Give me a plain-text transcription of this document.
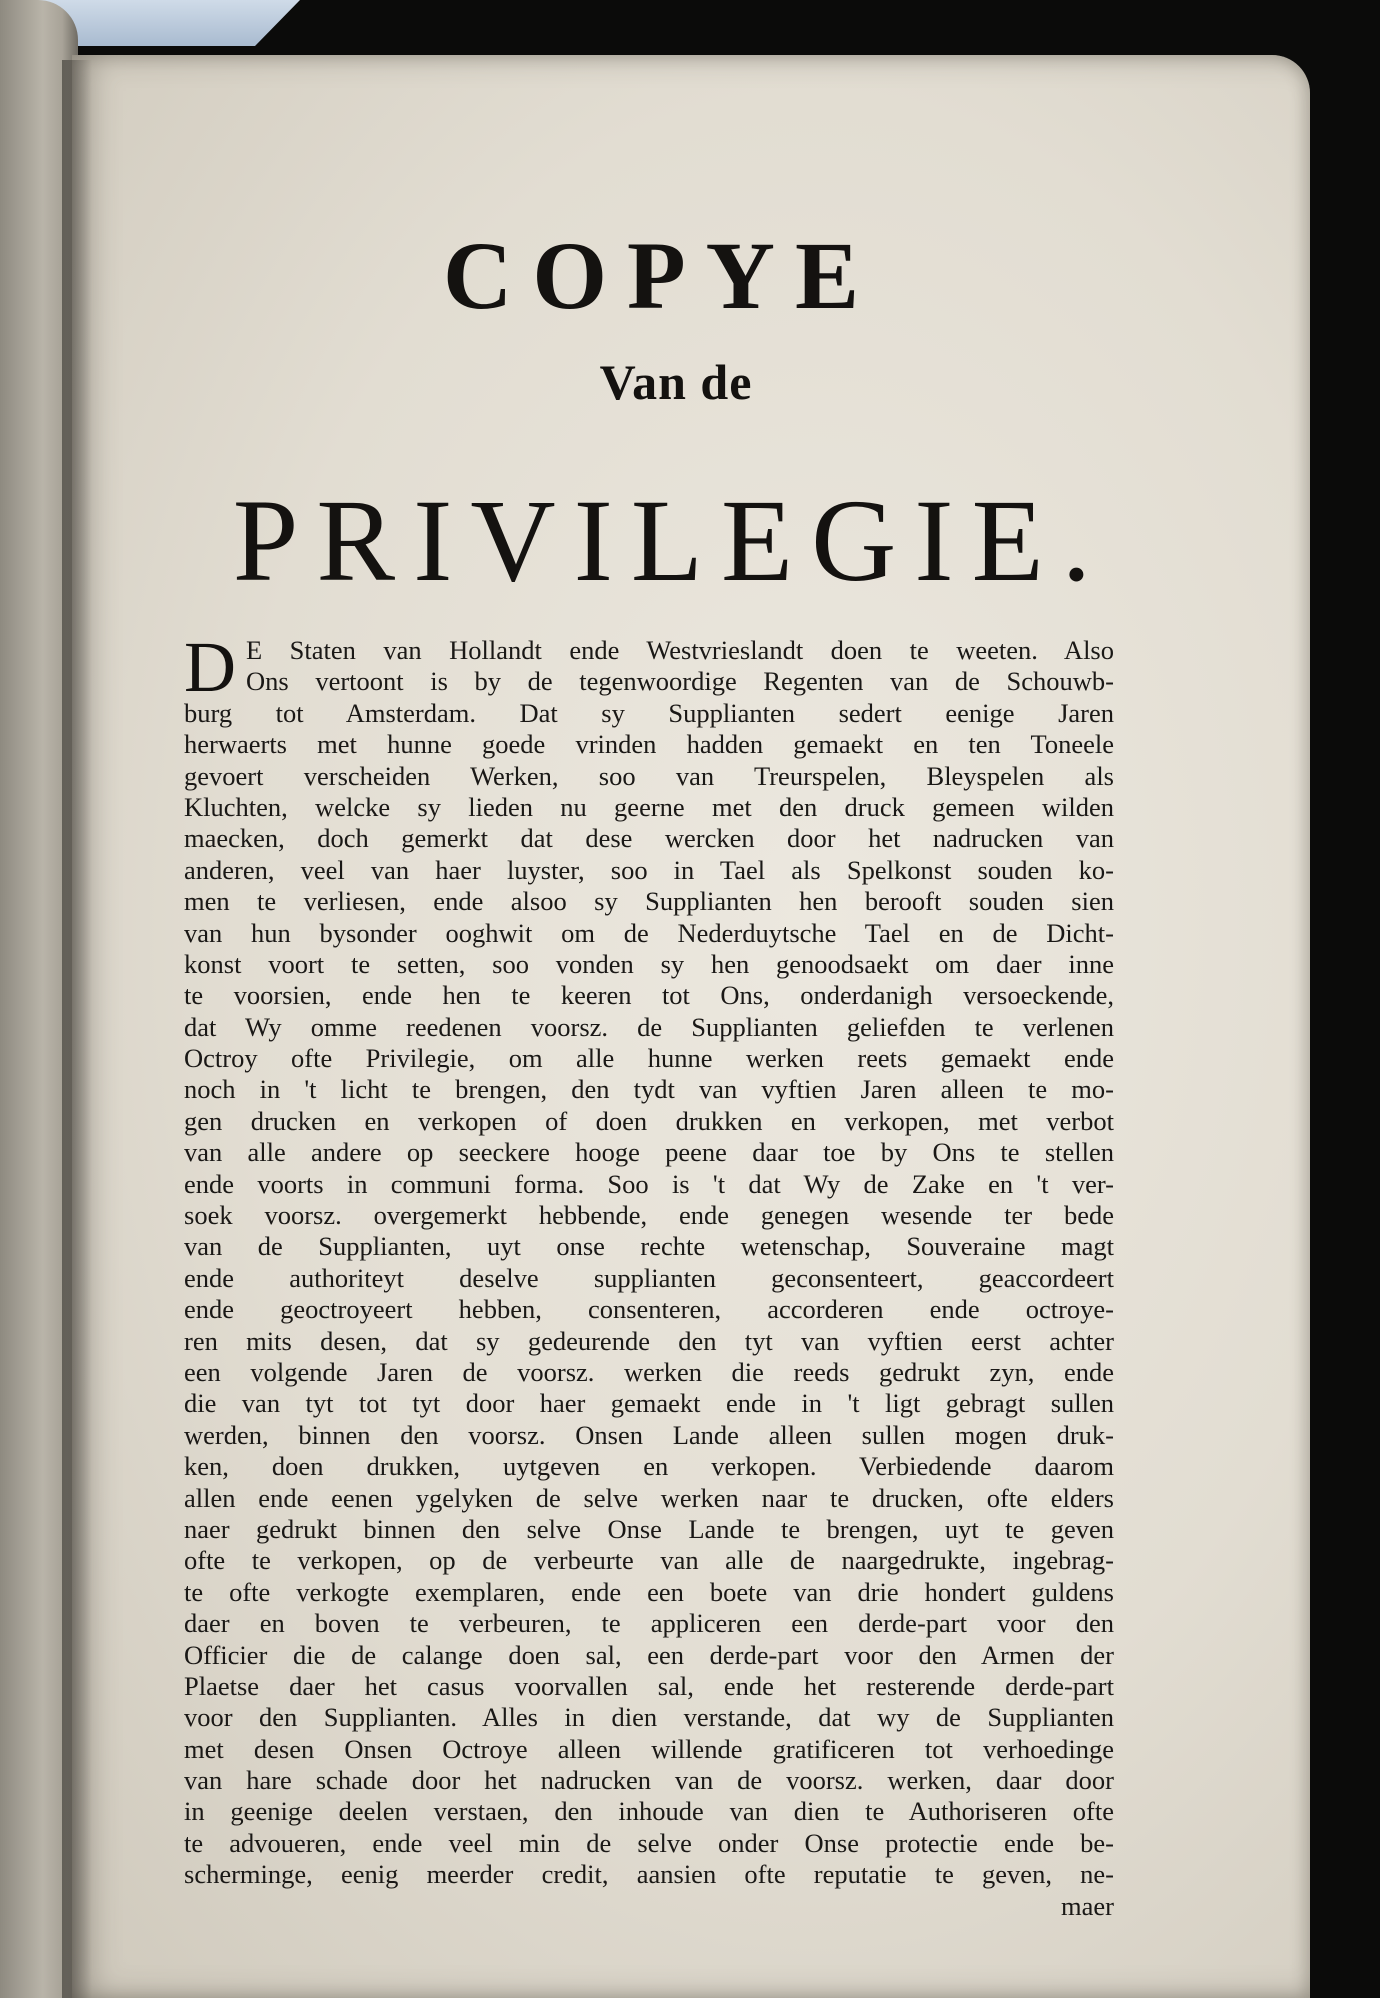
COPYE
Van de
PRIVILEGIE.
D E Staten van Hollandt ende Westvrieslandt doen te weeten. Also
Ons vertoont is by de tegenwoordige Regenten van de Schouwb-
burg tot Amsterdam. Dat sy Supplianten sedert eenige Jaren
herwaerts met hunne goede vrinden hadden gemaekt en ten Toneele
gevoert verscheiden Werken, soo van Treurspelen, Bleyspelen als
Kluchten, welcke sy lieden nu geerne met den druck gemeen wilden
maecken, doch gemerkt dat dese wercken door het nadrucken van
anderen, veel van haer luyster, soo in Tael als Spelkonst souden ko-
men te verliesen, ende alsoo sy Supplianten hen berooft souden sien
van hun bysonder ooghwit om de Nederduytsche Tael en de Dicht-
konst voort te setten, soo vonden sy hen genoodsaekt om daer inne
te voorsien, ende hen te keeren tot Ons, onderdanigh versoeckende,
dat Wy omme reedenen voorsz. de Supplianten geliefden te verlenen
Octroy ofte Privilegie, om alle hunne werken reets gemaekt ende
noch in 't licht te brengen, den tydt van vyftien Jaren alleen te mo-
gen drucken en verkopen of doen drukken en verkopen, met verbot
van alle andere op seeckere hooge peene daar toe by Ons te stellen
ende voorts in communi forma. Soo is 't dat Wy de Zake en 't ver-
soek voorsz. overgemerkt hebbende, ende genegen wesende ter bede
van de Supplianten, uyt onse rechte wetenschap, Souveraine magt
ende authoriteyt deselve supplianten geconsenteert, geaccordeert
ende geoctroyeert hebben, consenteren, accorderen ende octroye-
ren mits desen, dat sy gedeurende den tyt van vyftien eerst achter
een volgende Jaren de voorsz. werken die reeds gedrukt zyn, ende
die van tyt tot tyt door haer gemaekt ende in 't ligt gebragt sullen
werden, binnen den voorsz. Onsen Lande alleen sullen mogen druk-
ken, doen drukken, uytgeven en verkopen. Verbiedende daarom
allen ende eenen ygelyken de selve werken naar te drucken, ofte elders
naer gedrukt binnen den selve Onse Lande te brengen, uyt te geven
ofte te verkopen, op de verbeurte van alle de naargedrukte, ingebrag-
te ofte verkogte exemplaren, ende een boete van drie hondert guldens
daer en boven te verbeuren, te appliceren een derde-part voor den
Officier die de calange doen sal, een derde-part voor den Armen der
Plaetse daer het casus voorvallen sal, ende het resterende derde-part
voor den Supplianten. Alles in dien verstande, dat wy de Supplianten
met desen Onsen Octroye alleen willende gratificeren tot verhoedinge
van hare schade door het nadrucken van de voorsz. werken, daar door
in geenige deelen verstaen, den inhoude van dien te Authoriseren ofte
te advoueren, ende veel min de selve onder Onse protectie ende be-
scherminge, eenig meerder credit, aansien ofte reputatie te geven, ne-
maer
